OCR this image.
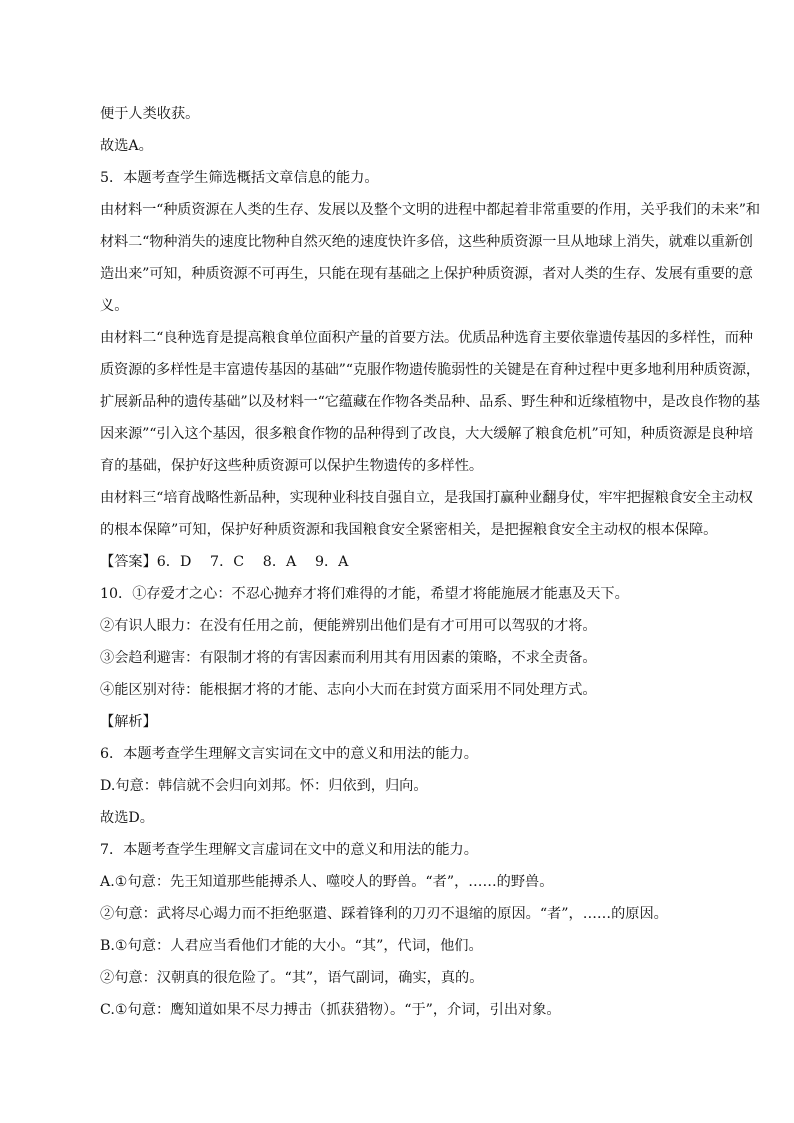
便于人类收获。

故选A。

5．本题考查学生筛选概括文章信息的能力。

由材料一“种质资源在人类的生存、发展以及整个文明的进程中都起着非常重要的作用，关乎我们的未来”和

材料二“物种消失的速度比物种自然灭绝的速度快许多倍，这些种质资源一旦从地球上消失，就难以重新创

造出来”可知，种质资源不可再生，只能在现有基础之上保护种质资源，者对人类的生存、发展有重要的意

义。

由材料二“良种选育是提高粮食单位面积产量的首要方法。优质品种选育主要依靠遗传基因的多样性，而种

质资源的多样性是丰富遗传基因的基础”“克服作物遗传脆弱性的关键是在育种过程中更多地利用种质资源，

扩展新品种的遗传基础”以及材料一“它蕴藏在作物各类品种、品系、野生种和近缘植物中，是改良作物的基

因来源”“引入这个基因，很多粮食作物的品种得到了改良，大大缓解了粮食危机”可知，种质资源是良种培

育的基础，保护好这些种质资源可以保护生物遗传的多样性。

由材料三“培育战略性新品种，实现种业科技自强自立，是我国打赢种业翻身仗，牢牢把握粮食安全主动权

的根本保障”可知，保护好种质资源和我国粮食安全紧密相关，是把握粮食安全主动权的根本保障。

【答案】6．D　 7．C　 8．A　 9．A

10．①存爱才之心：不忍心抛弃才将们难得的才能，希望才将能施展才能惠及天下。

②有识人眼力：在没有任用之前，便能辨别出他们是有才可用可以驾驭的才将。

③会趋利避害：有限制才将的有害因素而利用其有用因素的策略，不求全责备。

④能区别对待：能根据才将的才能、志向小大而在封赏方面采用不同处理方式。

【解析】

6．本题考查学生理解文言实词在文中的意义和用法的能力。

D.句意：韩信就不会归向刘邦。怀：归依到，归向。

故选D。

7．本题考查学生理解文言虚词在文中的意义和用法的能力。

A.①句意：先王知道那些能搏杀人、噬咬人的野兽。“者”，……的野兽。

②句意：武将尽心竭力而不拒绝驱遣、踩着锋利的刀刃不退缩的原因。“者”，……的原因。

B.①句意：人君应当看他们才能的大小。“其”，代词，他们。

②句意：汉朝真的很危险了。“其”，语气副词，确实，真的。

C.①句意：鹰知道如果不尽力搏击（抓获猎物）。“于”，介词，引出对象。
